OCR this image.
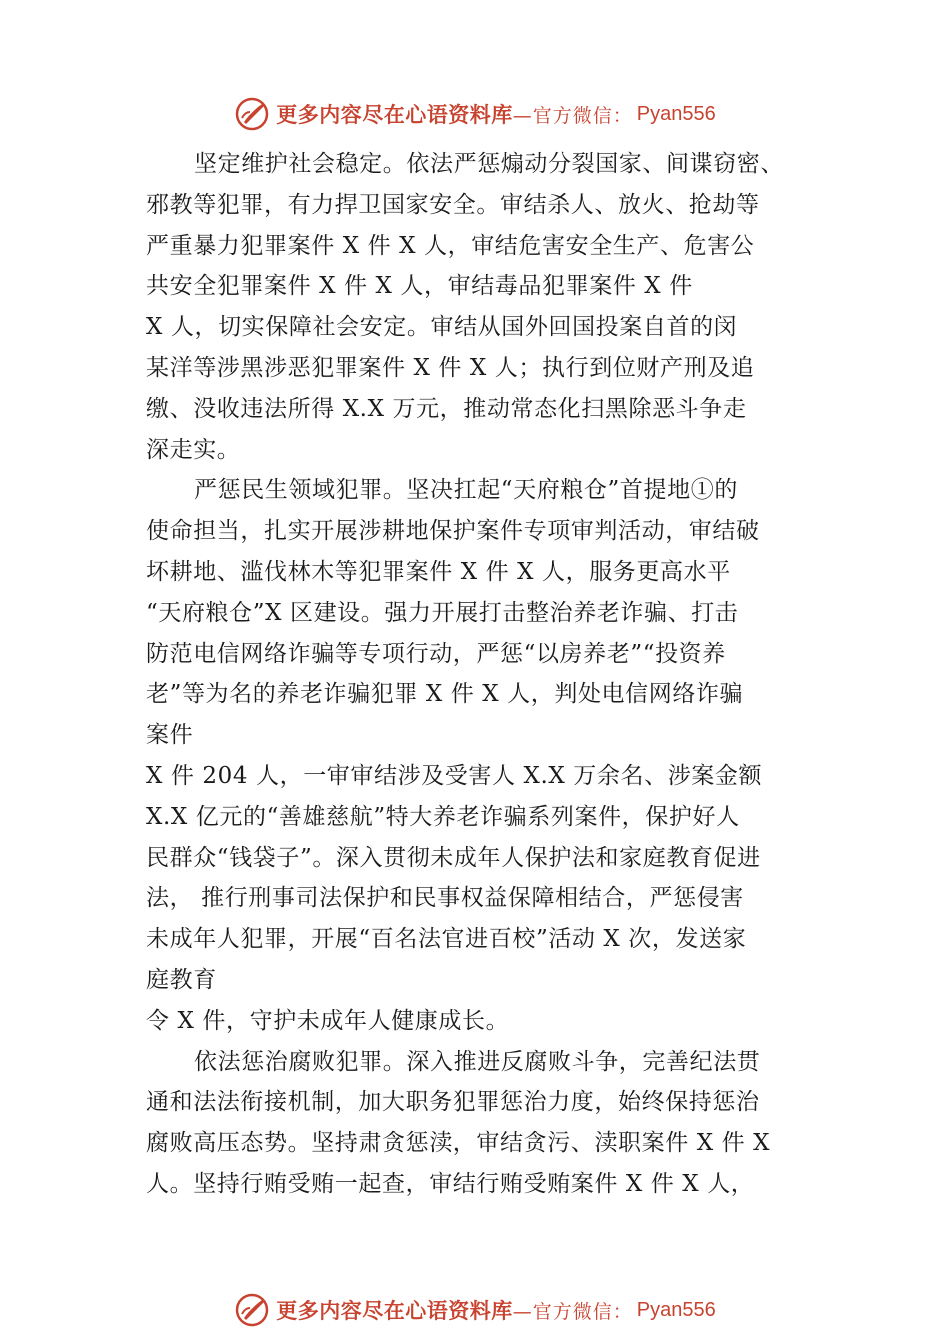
更多内容尽在心语资料库 —官方微信： Pyan556
坚定维护社会稳定。依法严惩煽动分裂国家、间谍窃密、
邪教等犯罪，有力捍卫国家安全。审结杀人、放火、抢劫等
严重暴力犯罪案件 X 件 X 人，审结危害安全生产、危害公
共安全犯罪案件 X 件 X 人，审结毒品犯罪案件 X 件
X 人，切实保障社会安定。审结从国外回国投案自首的闵
某洋等涉黑涉恶犯罪案件 X 件 X 人；执行到位财产刑及追
缴、没收违法所得 X.X 万元，推动常态化扫黑除恶斗争走
深走实。
严惩民生领域犯罪。坚决扛起“天府粮仓”首提地①的
使命担当，扎实开展涉耕地保护案件专项审判活动，审结破
坏耕地、滥伐林木等犯罪案件 X 件 X 人，服务更高水平
“天府粮仓”X 区建设。强力开展打击整治养老诈骗、打击
防范电信网络诈骗等专项行动，严惩“以房养老”“投资养
老”等为名的养老诈骗犯罪 X 件 X 人，判处电信网络诈骗
案件
X 件 204 人，一审审结涉及受害人 X.X 万余名、涉案金额
X.X 亿元的“善雄慈航”特大养老诈骗系列案件，保护好人
民群众“钱袋子”。深入贯彻未成年人保护法和家庭教育促进
法， 推行刑事司法保护和民事权益保障相结合，严惩侵害
未成年人犯罪，开展“百名法官进百校”活动 X 次，发送家
庭教育
令 X 件，守护未成年人健康成长。
依法惩治腐败犯罪。深入推进反腐败斗争，完善纪法贯
通和法法衔接机制，加大职务犯罪惩治力度，始终保持惩治
腐败高压态势。坚持肃贪惩渎，审结贪污、渎职案件 X 件 X
人。坚持行贿受贿一起查，审结行贿受贿案件 X 件 X 人，
更多内容尽在心语资料库 —官方微信： Pyan556
